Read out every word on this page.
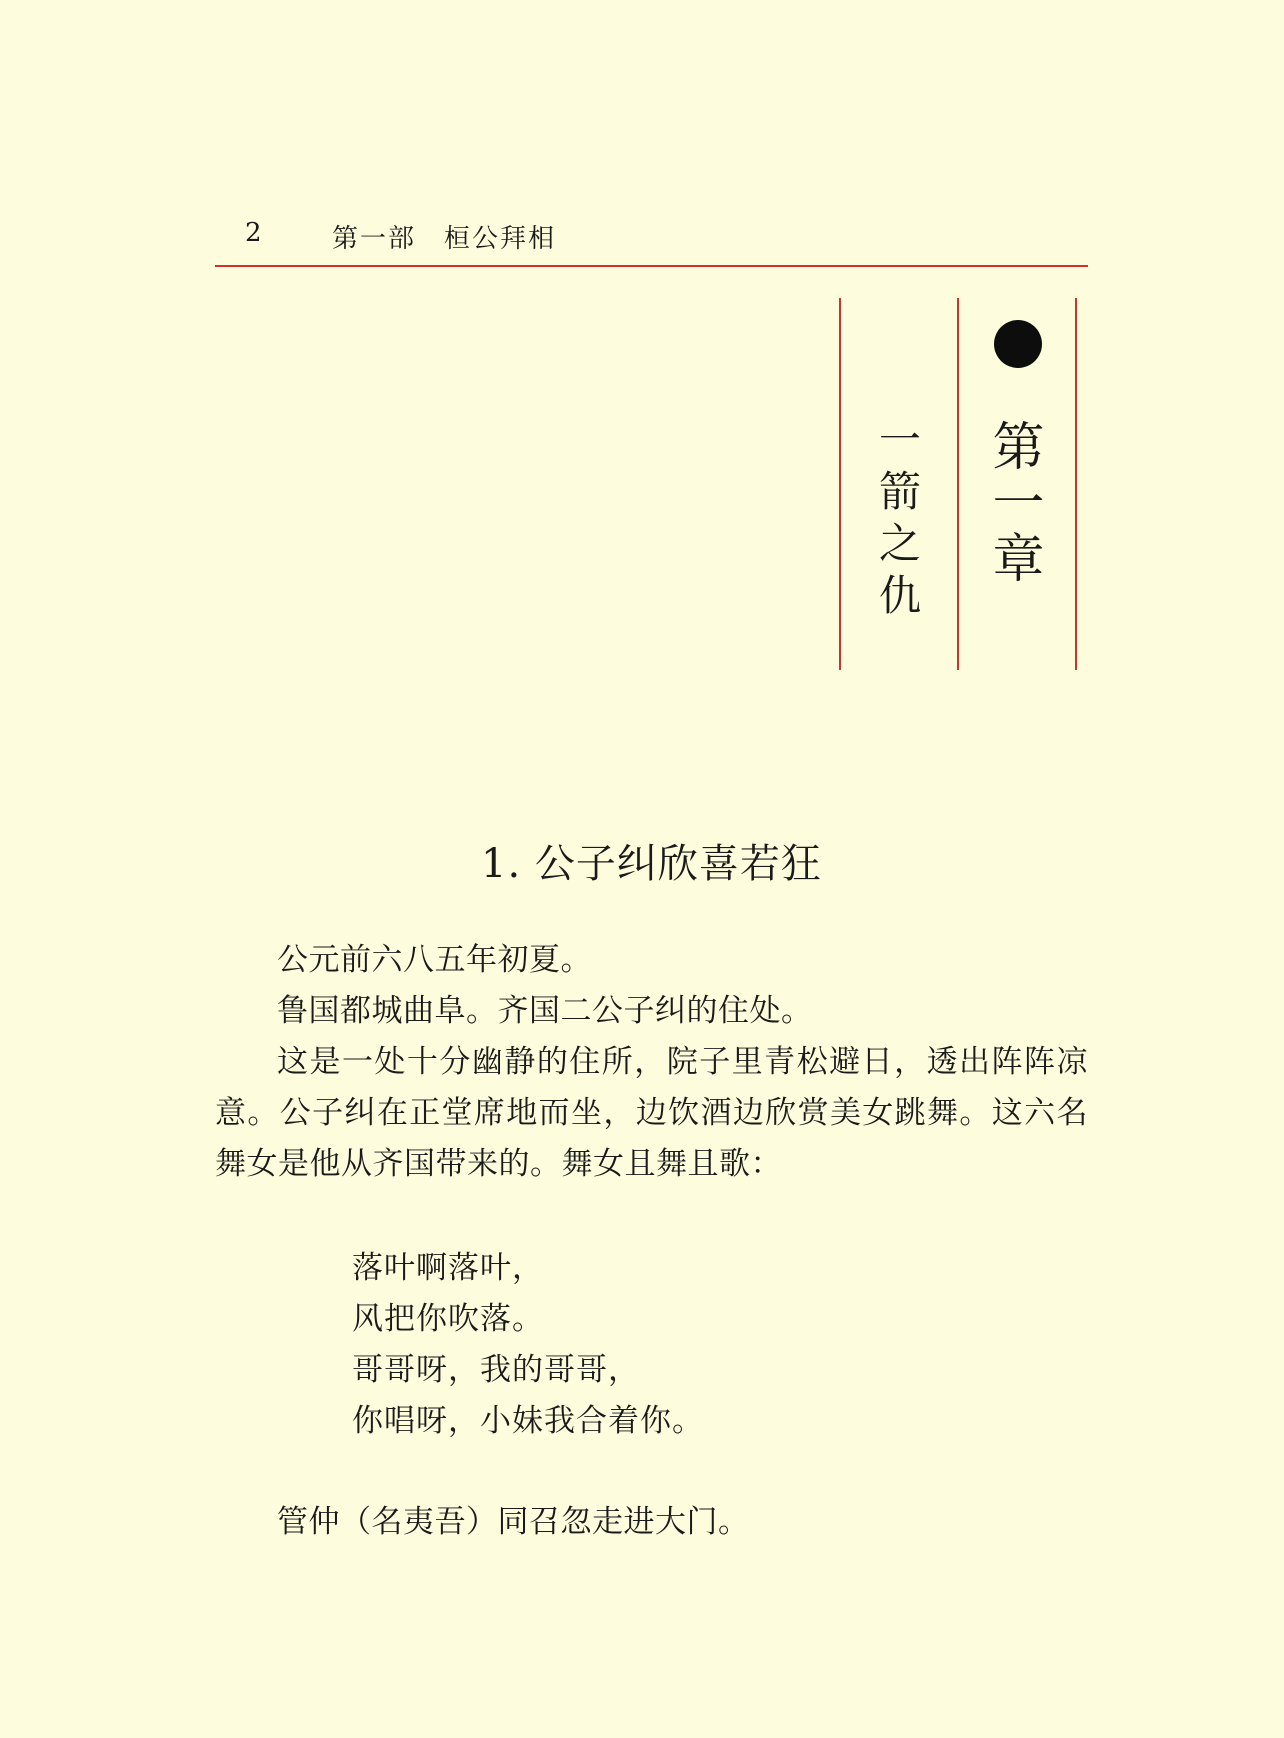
2	第一部　桓公拜相
第一章
一箭之仇
1. 公子纠欣喜若狂

公元前六八五年初夏。

鲁国都城曲阜。齐国二公子纠的住处。

这是一处十分幽静的住所，院子里青松避日，透出阵阵凉意。公子纠在正堂席地而坐，边饮酒边欣赏美女跳舞。这六名舞女是他从齐国带来的。舞女且舞且歌：

落叶啊落叶，
风把你吹落。
哥哥呀，我的哥哥，
你唱呀，小妹我合着你。

管仲（名夷吾）同召忽走进大门。
